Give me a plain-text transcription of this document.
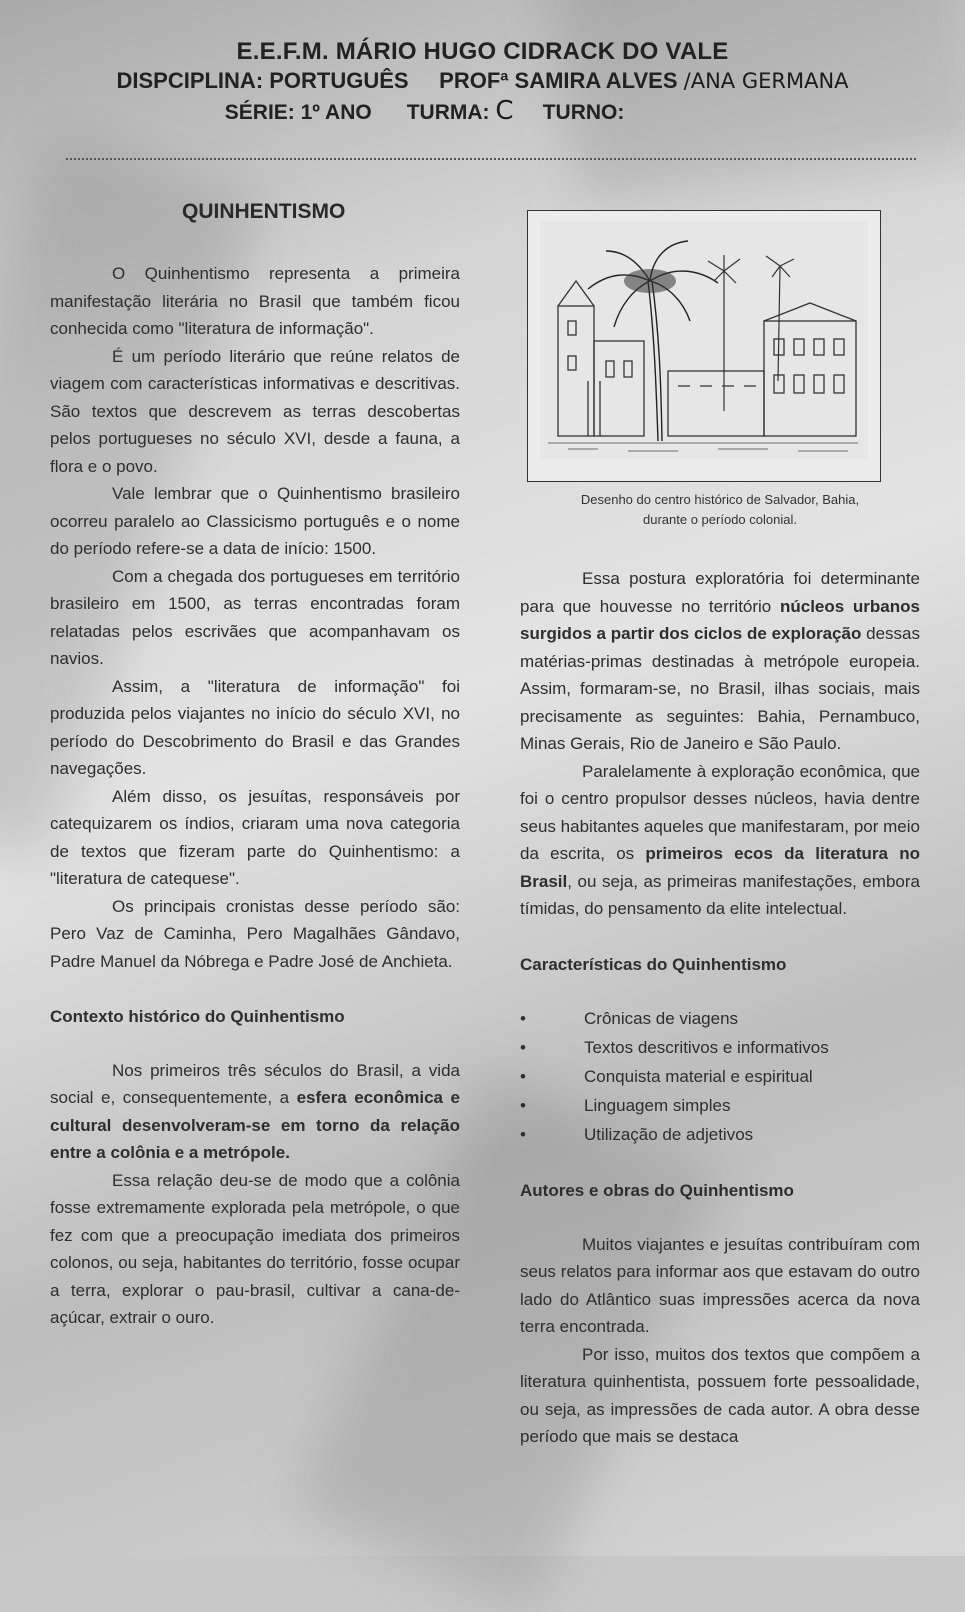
E.E.F.M. MÁRIO HUGO CIDRACK DO VALE
DISPCIPLINA: PORTUGUÊS PROFª SAMIRA ALVES /ANA GERMANA
SÉRIE: 1º ANO TURMA: C TURNO:
QUINHENTISMO

O Quinhentismo representa a primeira manifestação literária no Brasil que também ficou conhecida como "literatura de informação".

É um período literário que reúne relatos de viagem com características informativas e descritivas. São textos que descrevem as terras descobertas pelos portugueses no século XVI, desde a fauna, a flora e o povo.

Vale lembrar que o Quinhentismo brasileiro ocorreu paralelo ao Classicismo português e o nome do período refere-se a data de início: 1500.

Com a chegada dos portugueses em território brasileiro em 1500, as terras encontradas foram relatadas pelos escrivães que acompanhavam os navios.

Assim, a "literatura de informação" foi produzida pelos viajantes no início do século XVI, no período do Descobrimento do Brasil e das Grandes navegações.

Além disso, os jesuítas, responsáveis por catequizarem os índios, criaram uma nova categoria de textos que fizeram parte do Quinhentismo: a "literatura de catequese".

Os principais cronistas desse período são: Pero Vaz de Caminha, Pero Magalhães Gândavo, Padre Manuel da Nóbrega e Padre José de Anchieta.

Contexto histórico do Quinhentismo

Nos primeiros três séculos do Brasil, a vida social e, consequentemente, a esfera econômica e cultural desenvolveram-se em torno da relação entre a colônia e a metrópole.

Essa relação deu-se de modo que a colônia fosse extremamente explorada pela metrópole, o que fez com que a preocupação imediata dos primeiros colonos, ou seja, habitantes do território, fosse ocupar a terra, explorar o pau-brasil, cultivar a cana-de-açúcar, extrair o ouro.

Desenho do centro histórico de Salvador, Bahia, durante o período colonial.

Essa postura exploratória foi determinante para que houvesse no território núcleos urbanos surgidos a partir dos ciclos de exploração dessas matérias-primas destinadas à metrópole europeia. Assim, formaram-se, no Brasil, ilhas sociais, mais precisamente as seguintes: Bahia, Pernambuco, Minas Gerais, Rio de Janeiro e São Paulo.

Paralelamente à exploração econômica, que foi o centro propulsor desses núcleos, havia dentre seus habitantes aqueles que manifestaram, por meio da escrita, os primeiros ecos da literatura no Brasil, ou seja, as primeiras manifestações, embora tímidas, do pensamento da elite intelectual.

Características do Quinhentismo

• Crônicas de viagens
• Textos descritivos e informativos
• Conquista material e espiritual
• Linguagem simples
• Utilização de adjetivos

Autores e obras do Quinhentismo

Muitos viajantes e jesuítas contribuíram com seus relatos para informar aos que estavam do outro lado do Atlântico suas impressões acerca da nova terra encontrada.

Por isso, muitos dos textos que compõem a literatura quinhentista, possuem forte pessoalidade, ou seja, as impressões de cada autor. A obra desse período que mais se destaca
